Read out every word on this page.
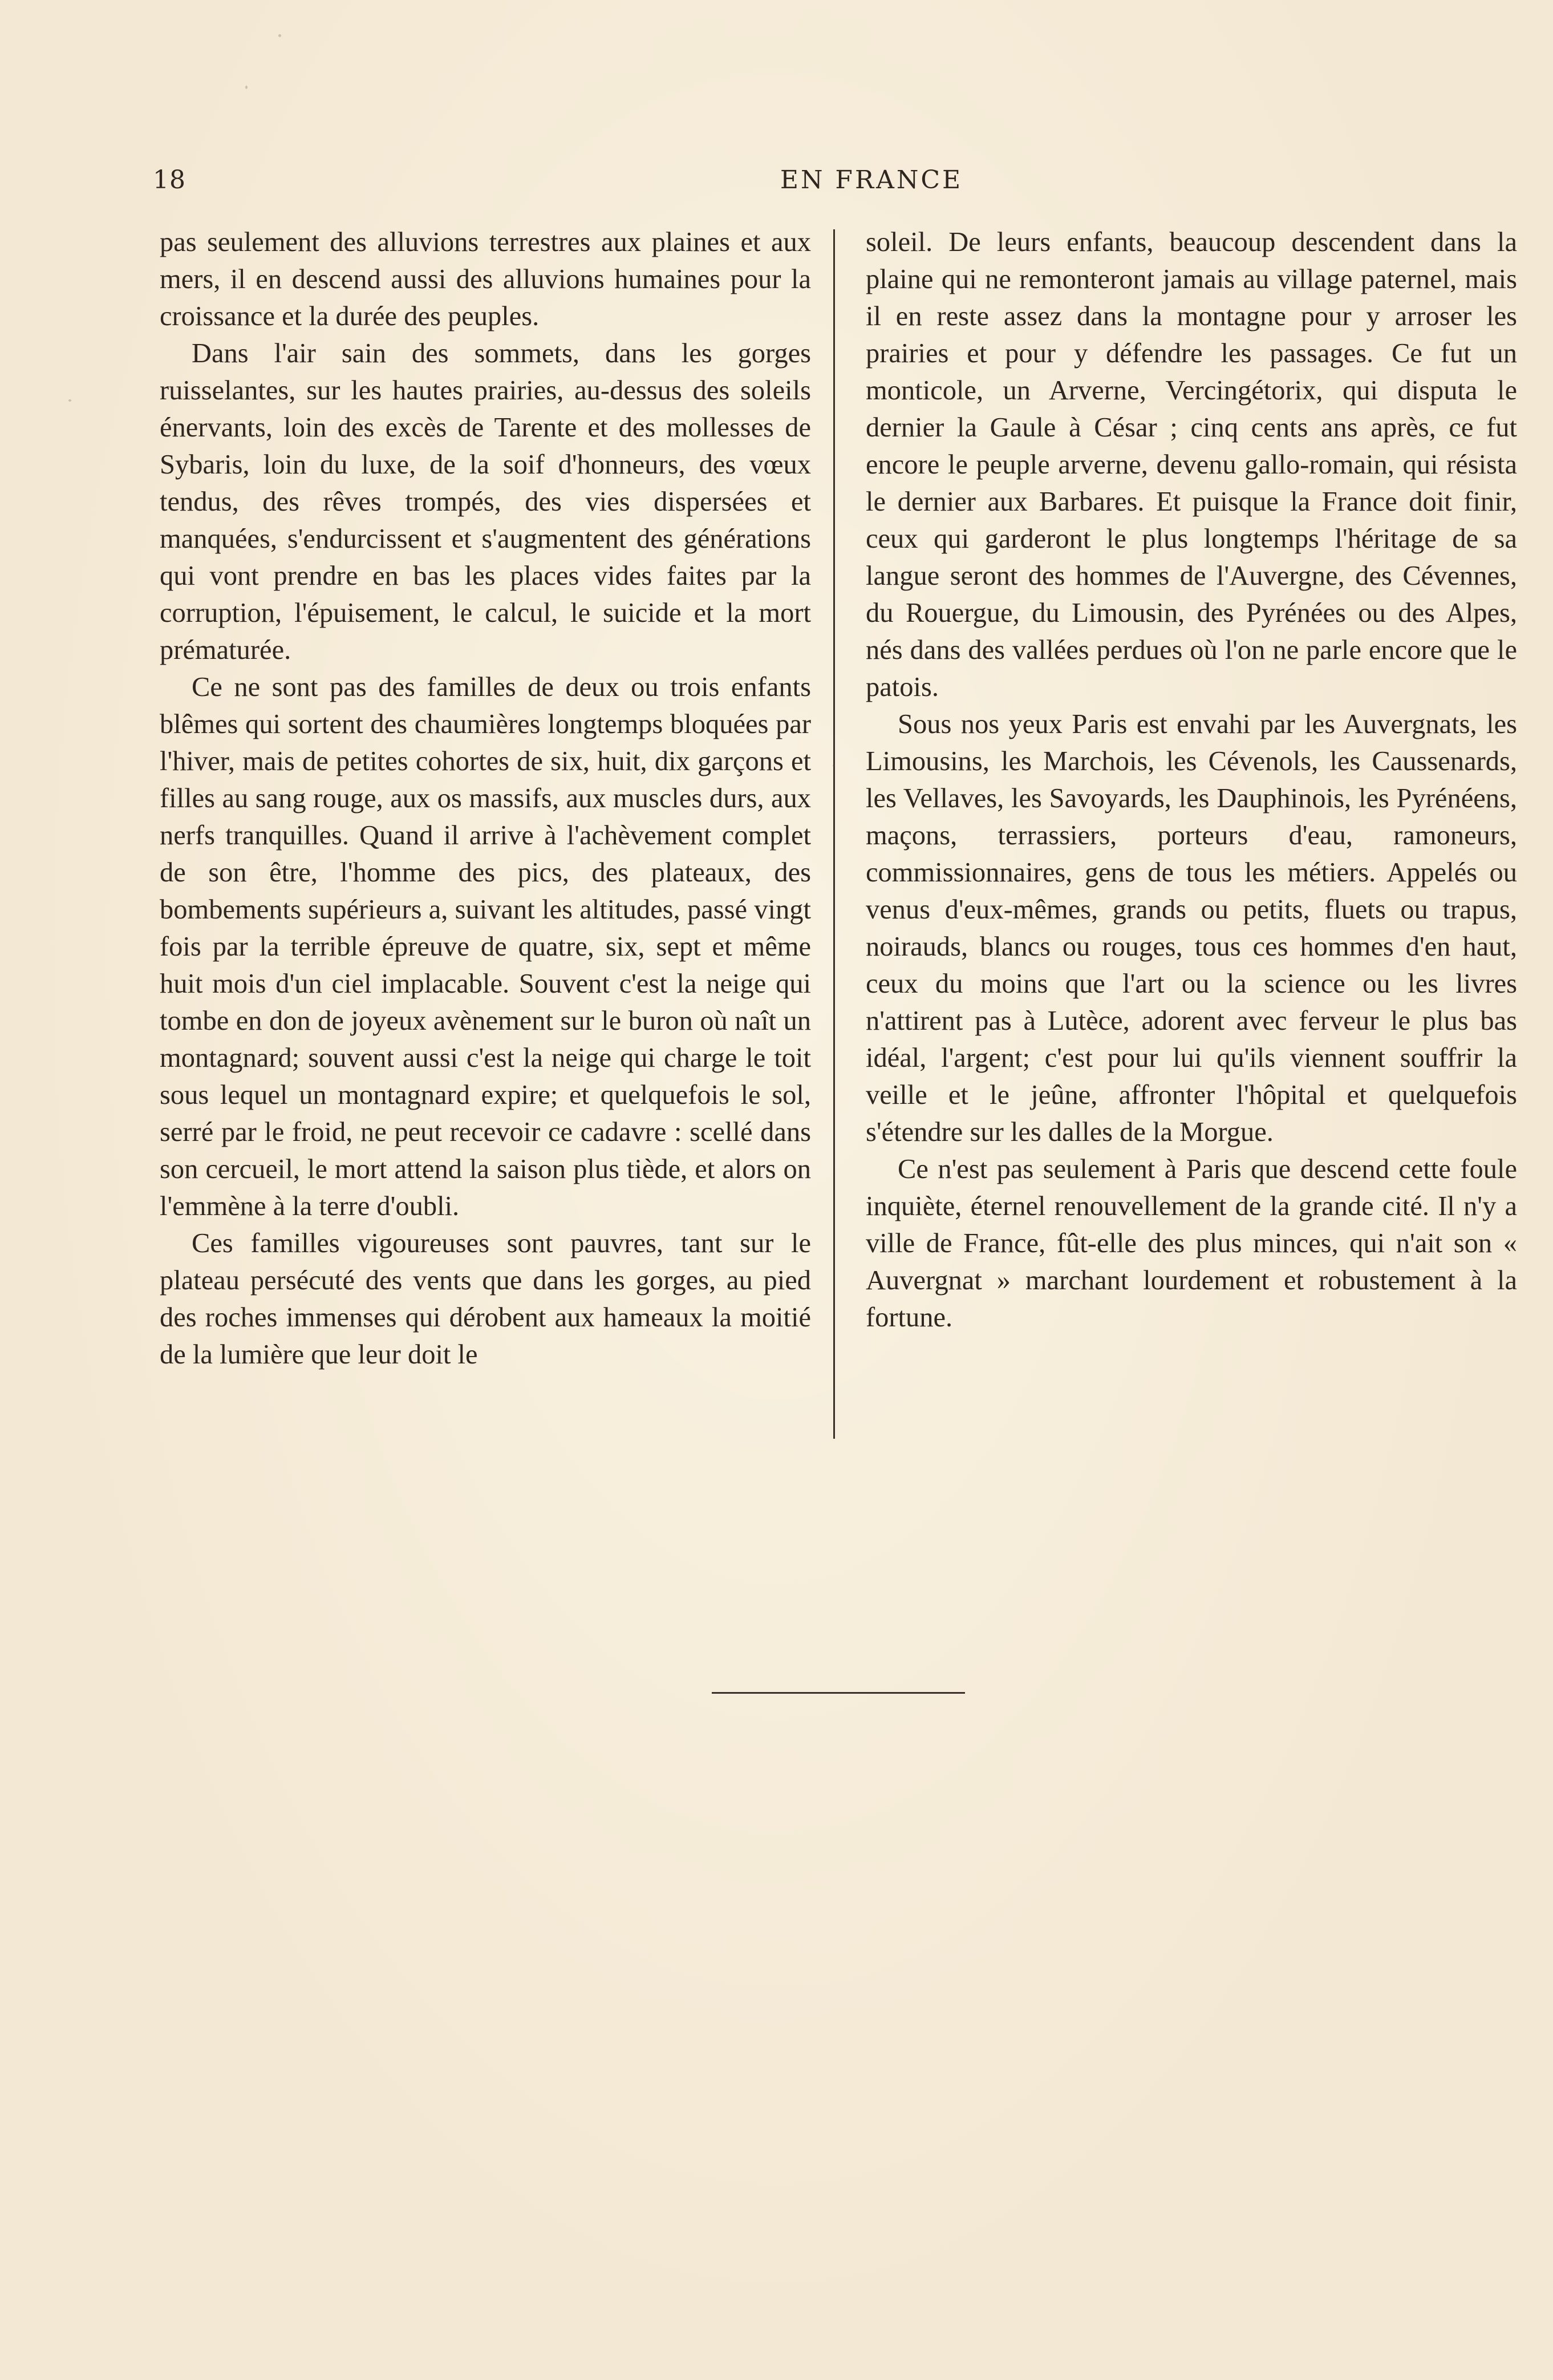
18	EN FRANCE

pas seulement des alluvions terrestres aux plaines et aux mers, il en descend aussi des alluvions humaines pour la croissance et la durée des peuples.

Dans l'air sain des sommets, dans les gorges ruisselantes, sur les hautes prairies, au-dessus des soleils énervants, loin des excès de Tarente et des mollesses de Sybaris, loin du luxe, de la soif d'honneurs, des vœux tendus, des rêves trompés, des vies dispersées et manquées, s'endurcissent et s'augmentent des générations qui vont prendre en bas les places vides faites par la corruption, l'épuisement, le calcul, le suicide et la mort prématurée.

Ce ne sont pas des familles de deux ou trois enfants blêmes qui sortent des chaumières longtemps bloquées par l'hiver, mais de petites cohortes de six, huit, dix garçons et filles au sang rouge, aux os massifs, aux muscles durs, aux nerfs tranquilles. Quand il arrive à l'achèvement complet de son être, l'homme des pics, des plateaux, des bombements supérieurs a, suivant les altitudes, passé vingt fois par la terrible épreuve de quatre, six, sept et même huit mois d'un ciel implacable. Souvent c'est la neige qui tombe en don de joyeux avènement sur le buron où naît un montagnard; souvent aussi c'est la neige qui charge le toit sous lequel un montagnard expire; et quelquefois le sol, serré par le froid, ne peut recevoir ce cadavre : scellé dans son cercueil, le mort attend la saison plus tiède, et alors on l'emmène à la terre d'oubli.

Ces familles vigoureuses sont pauvres, tant sur le plateau persécuté des vents que dans les gorges, au pied des roches immenses qui dérobent aux hameaux la moitié de la lumière que leur doit le

soleil. De leurs enfants, beaucoup descendent dans la plaine qui ne remonteront jamais au village paternel, mais il en reste assez dans la montagne pour y arroser les prairies et pour y défendre les passages. Ce fut un monticole, un Arverne, Vercingétorix, qui disputa le dernier la Gaule à César ; cinq cents ans après, ce fut encore le peuple arverne, devenu gallo-romain, qui résista le dernier aux Barbares. Et puisque la France doit finir, ceux qui garderont le plus longtemps l'héritage de sa langue seront des hommes de l'Auvergne, des Cévennes, du Rouergue, du Limousin, des Pyrénées ou des Alpes, nés dans des vallées perdues où l'on ne parle encore que le patois.

Sous nos yeux Paris est envahi par les Auvergnats, les Limousins, les Marchois, les Cévenols, les Caussenards, les Vellaves, les Savoyards, les Dauphinois, les Pyrénéens, maçons, terrassiers, porteurs d'eau, ramoneurs, commissionnaires, gens de tous les métiers. Appelés ou venus d'eux-mêmes, grands ou petits, fluets ou trapus, noirauds, blancs ou rouges, tous ces hommes d'en haut, ceux du moins que l'art ou la science ou les livres n'attirent pas à Lutèce, adorent avec ferveur le plus bas idéal, l'argent; c'est pour lui qu'ils viennent souffrir la veille et le jeûne, affronter l'hôpital et quelquefois s'étendre sur les dalles de la Morgue.

Ce n'est pas seulement à Paris que descend cette foule inquiète, éternel renouvellement de la grande cité. Il n'y a ville de France, fût-elle des plus minces, qui n'ait son « Auvergnat » marchant lourdement et robustement à la fortune.
